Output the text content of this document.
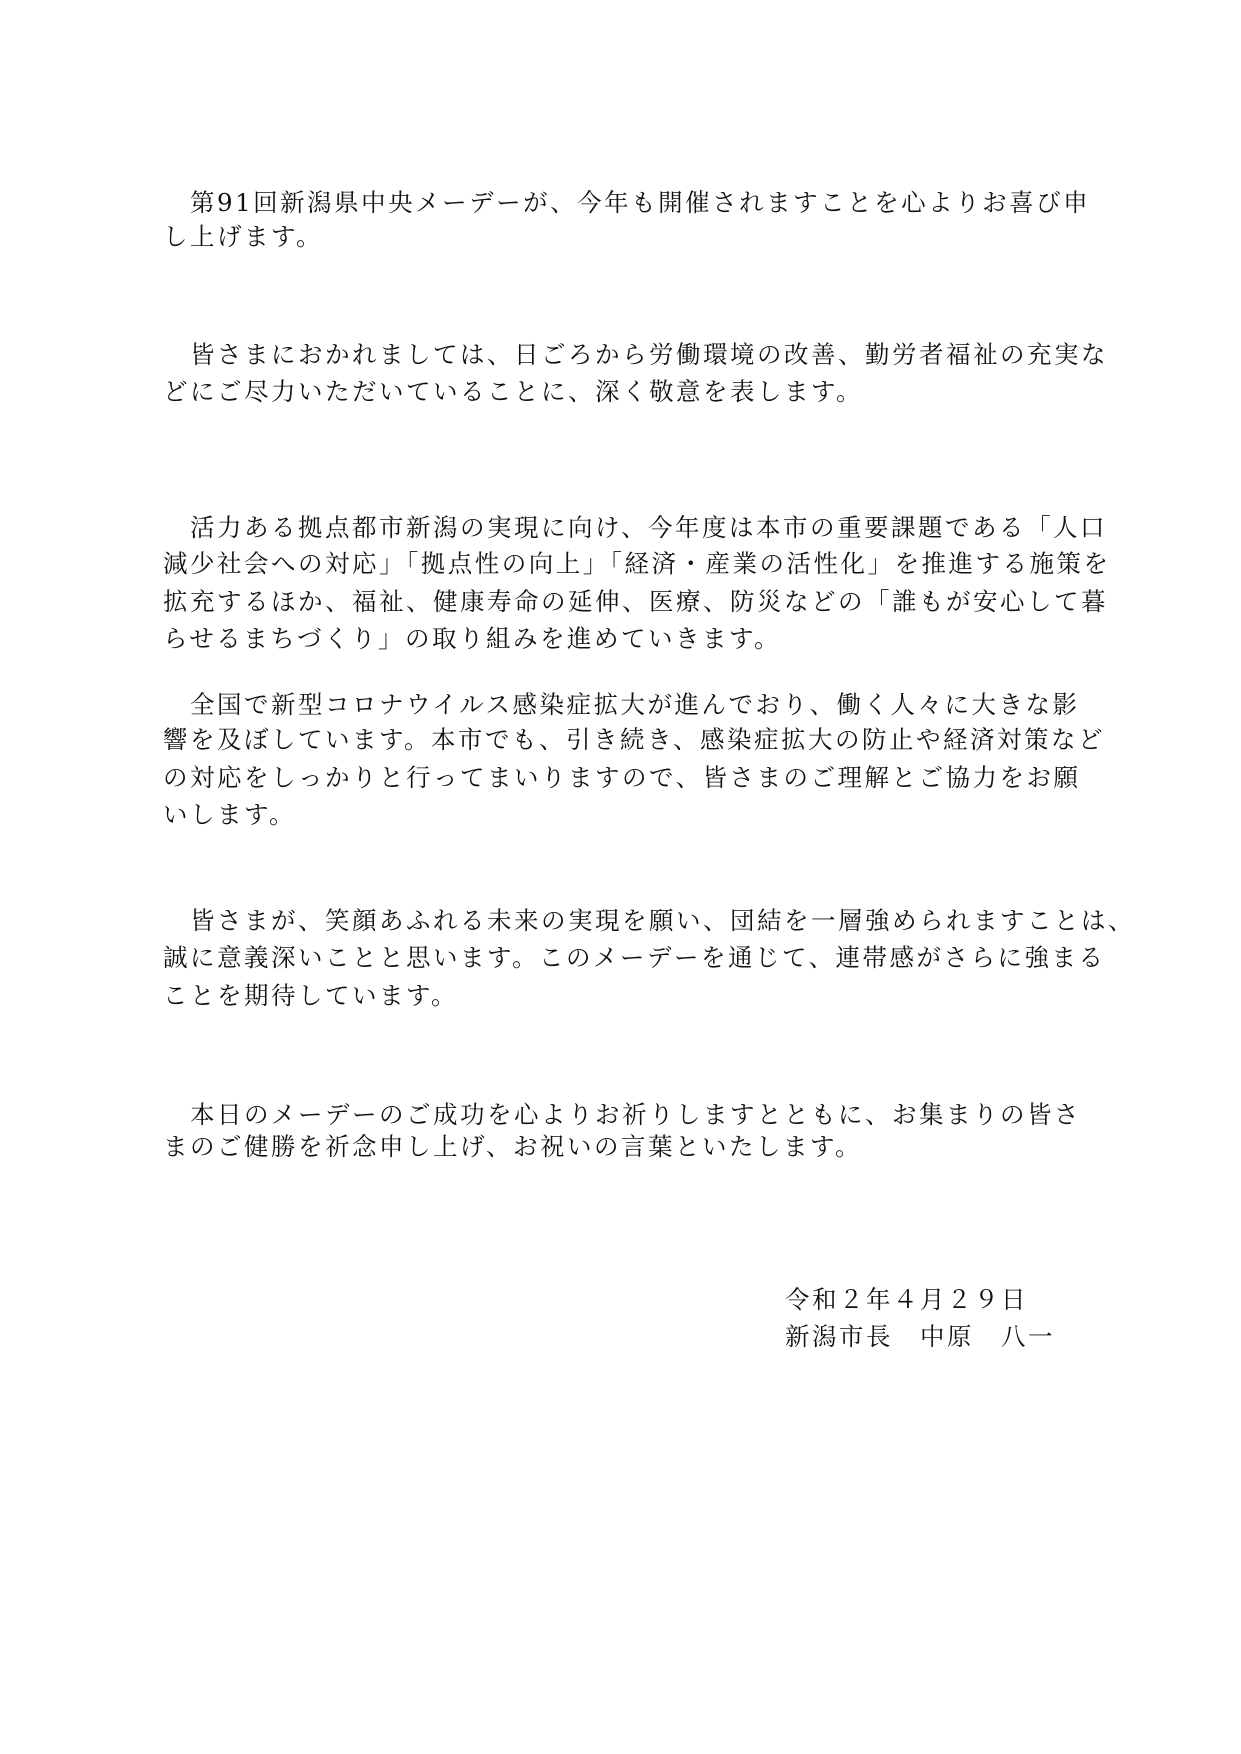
第91回新潟県中央メーデーが、今年も開催されますことを心よりお喜び申
し上げます。
皆さまにおかれましては、日ごろから労働環境の改善、勤労者福祉の充実な
どにご尽力いただいていることに、深く敬意を表します。
活力ある拠点都市新潟の実現に向け、今年度は本市の重要課題である「人口
減少社会への対応」「拠点性の向上」「経済・産業の活性化」を推進する施策を
拡充するほか、福祉、健康寿命の延伸、医療、防災などの「誰もが安心して暮
らせるまちづくり」の取り組みを進めていきます。
全国で新型コロナウイルス感染症拡大が進んでおり、働く人々に大きな影
響を及ぼしています。本市でも、引き続き、感染症拡大の防止や経済対策など
の対応をしっかりと行ってまいりますので、皆さまのご理解とご協力をお願
いします。
皆さまが、笑顔あふれる未来の実現を願い、団結を一層強められますことは、
誠に意義深いことと思います。このメーデーを通じて、連帯感がさらに強まる
ことを期待しています。
本日のメーデーのご成功を心よりお祈りしますとともに、お集まりの皆さ
まのご健勝を祈念申し上げ、お祝いの言葉といたします。
令和２年４月２９日
新潟市長　中原　八一
